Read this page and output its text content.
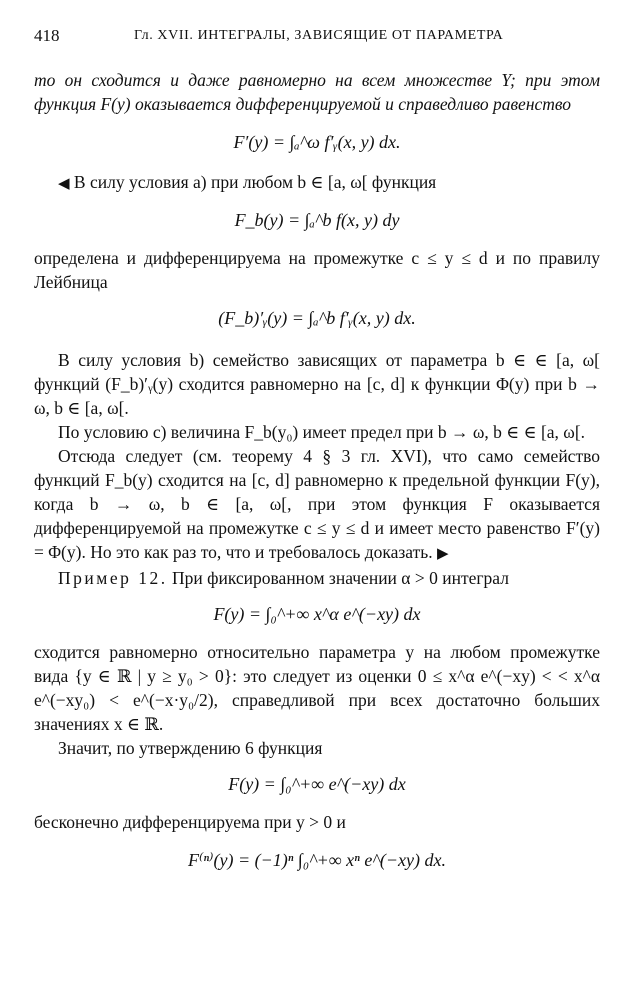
418	Гл. XVII. ИНТЕГРАЛЫ, ЗАВИСЯЩИЕ ОТ ПАРАМЕТРА

то он сходится и даже равномерно на всем множестве Y; при этом функция F(y) оказывается дифференцируемой и справедливо равенство

F′(y) = ∫ₐ^ω f′ᵧ(x, y) dx.

◀ В силу условия a) при любом b ∈ [a, ω[ функция

F_b(y) = ∫ₐ^b f(x, y) dy

определена и дифференцируема на промежутке c ≤ y ≤ d и по правилу Лейбница

(F_b)′ᵧ(y) = ∫ₐ^b f′ᵧ(x, y) dx.

В силу условия b) семейство зависящих от параметра b ∈ ∈ [a, ω[ функций (F_b)′ᵧ(y) сходится равномерно на [c, d] к функции Φ(y) при b → ω, b ∈ [a, ω[.

По условию c) величина F_b(y₀) имеет предел при b → ω, b ∈ ∈ [a, ω[.

Отсюда следует (см. теорему 4 § 3 гл. XVI), что само семейство функций F_b(y) сходится на [c, d] равномерно к предельной функции F(y), когда b → ω, b ∈ [a, ω[, при этом функция F оказывается дифференцируемой на промежутке c ≤ y ≤ d и имеет место равенство F′(y) = Φ(y). Но это как раз то, что и требовалось доказать. ▶

Пример 12. При фиксированном значении α > 0 интеграл

F(y) = ∫₀^+∞ x^α e^(−xy) dx

сходится равномерно относительно параметра y на любом промежутке вида {y ∈ ℝ | y ≥ y₀ > 0}: это следует из оценки 0 ≤ x^α e^(−xy) < < x^α e^(−xy₀) < e^(−x·y₀/2), справедливой при всех достаточно больших значениях x ∈ ℝ.

Значит, по утверждению 6 функция

F(y) = ∫₀^+∞ e^(−xy) dx

бесконечно дифференцируема при y > 0 и

F⁽ⁿ⁾(y) = (−1)ⁿ ∫₀^+∞ xⁿ e^(−xy) dx.
